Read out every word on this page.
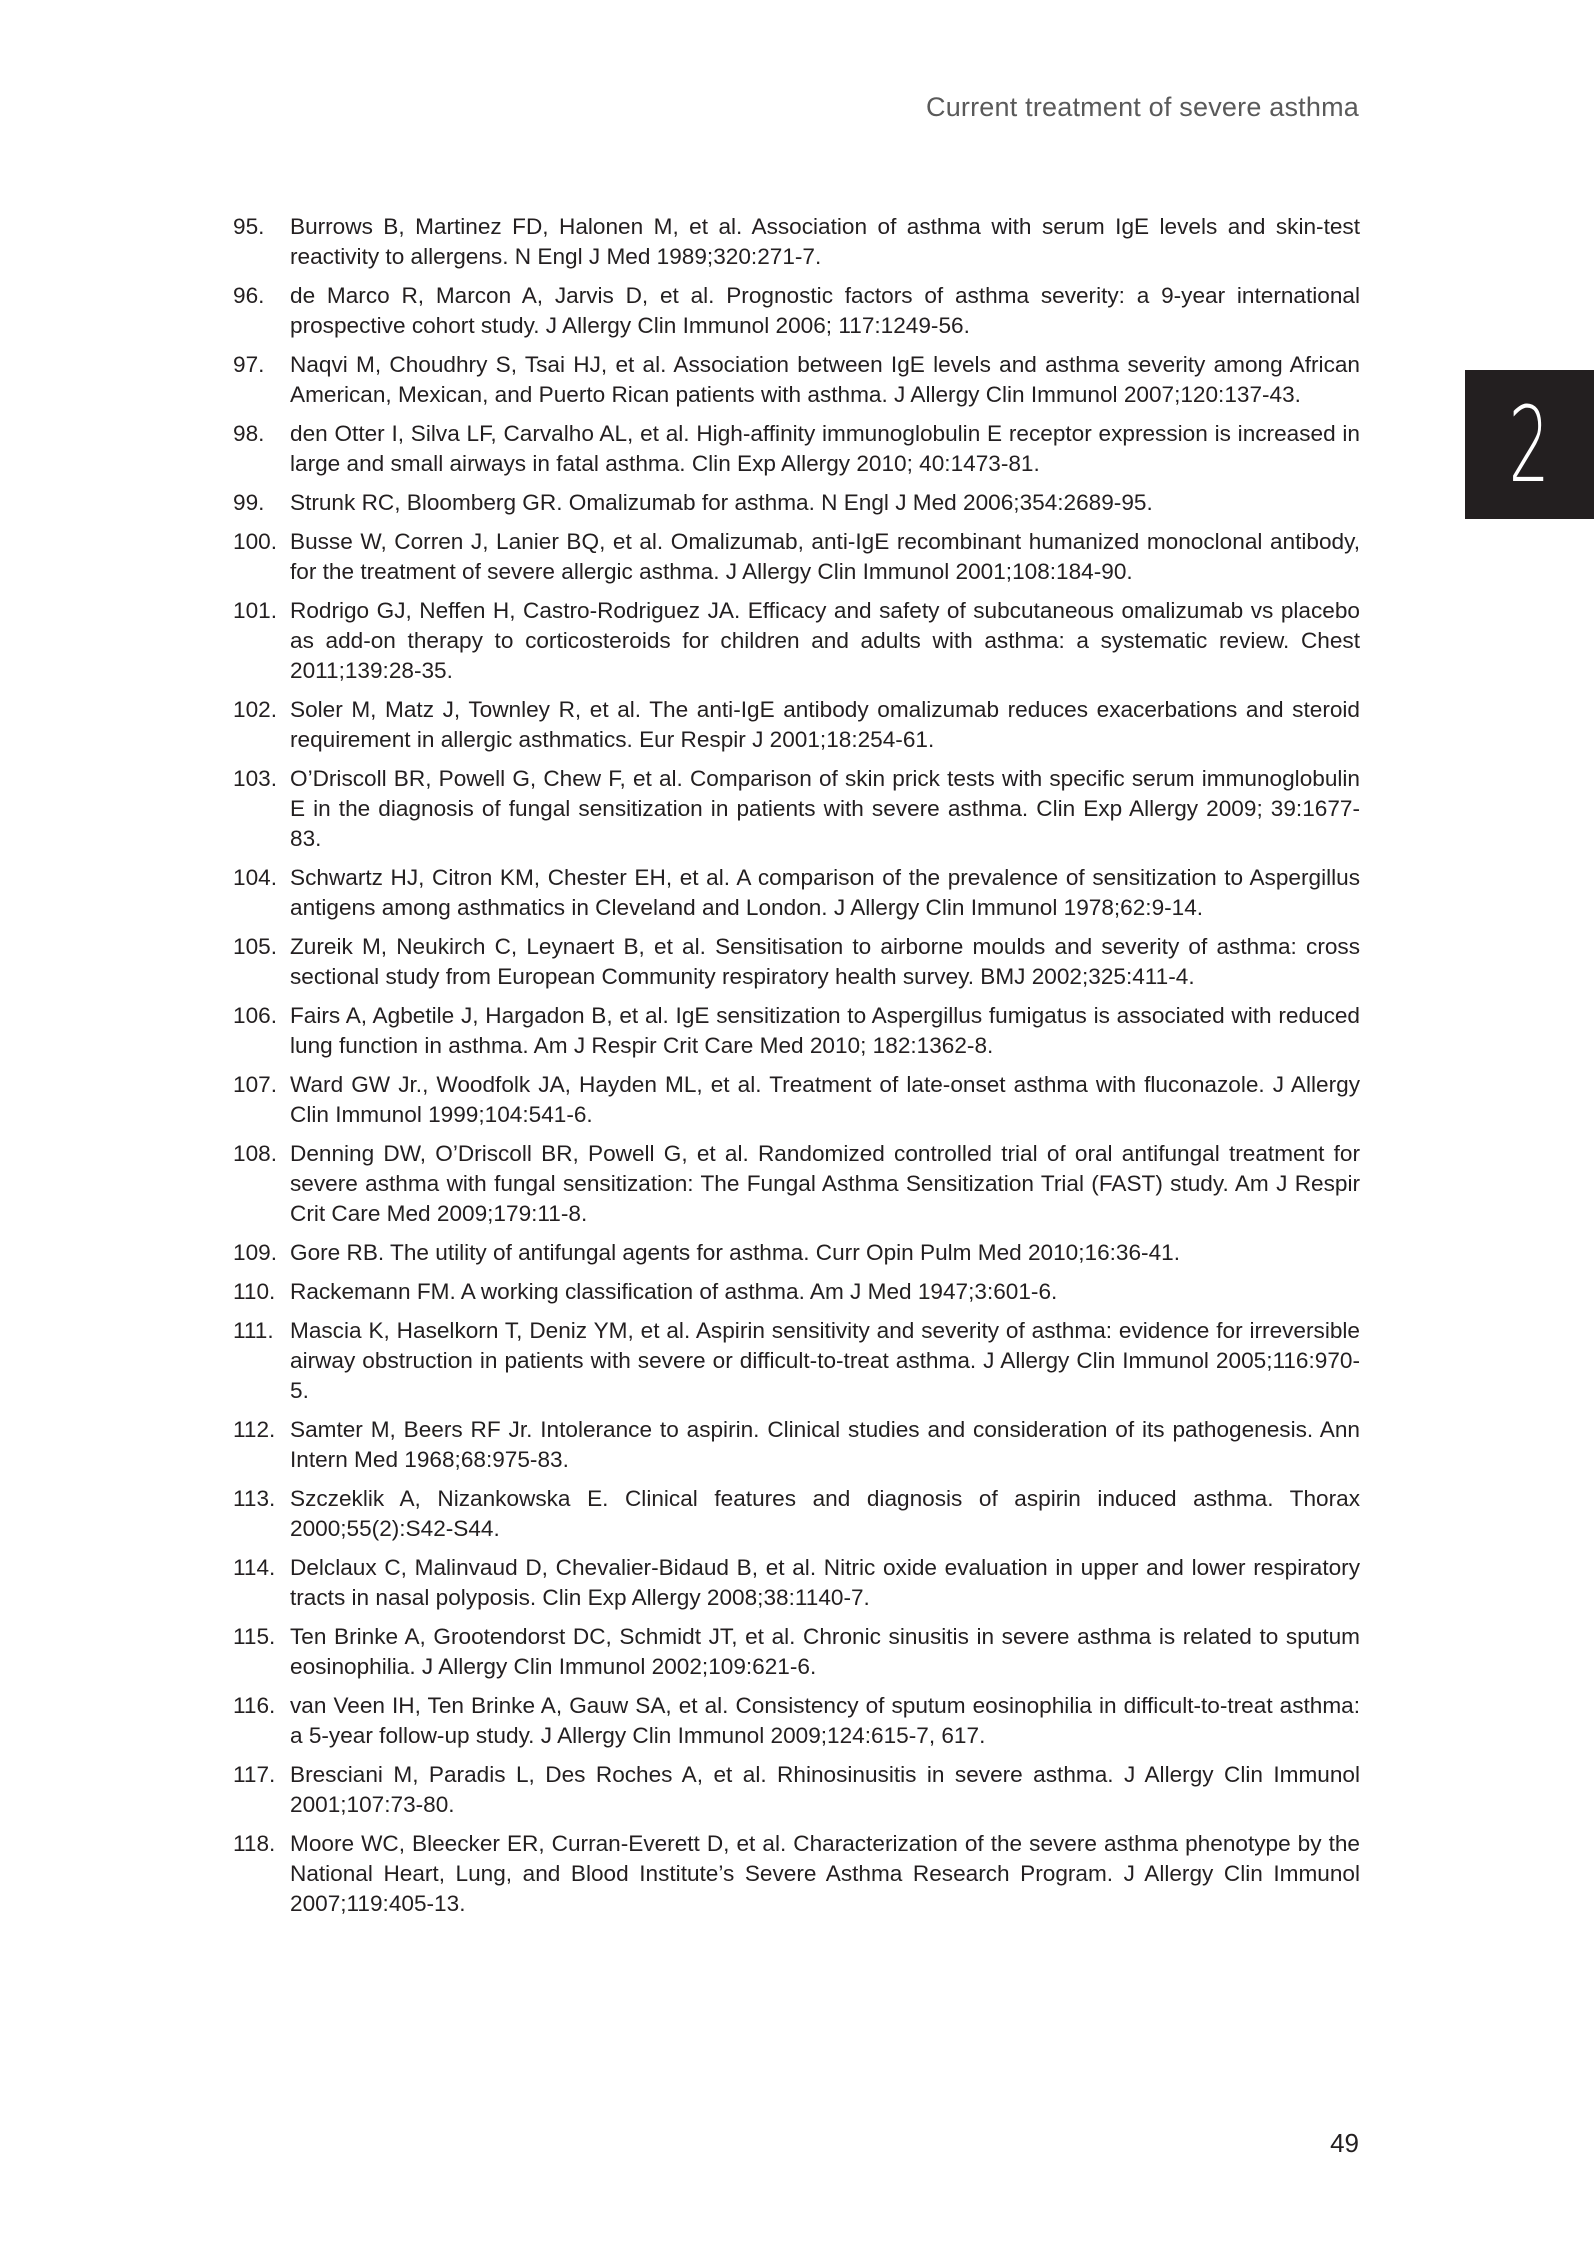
Current treatment of severe asthma
2
95.	Burrows B, Martinez FD, Halonen M, et al. Association of asthma with serum IgE levels and skin-test reactivity to allergens. N Engl J Med 1989;320:271-7.
96.	de Marco R, Marcon A, Jarvis D, et al. Prognostic factors of asthma severity: a 9-year international prospective cohort study. J Allergy Clin Immunol 2006; 117:1249-56.
97.	Naqvi M, Choudhry S, Tsai HJ, et al. Association between IgE levels and asthma severity among African American, Mexican, and Puerto Rican patients with asthma. J Allergy Clin Immunol 2007;120:137-43.
98.	den Otter I, Silva LF, Carvalho AL, et al. High-affinity immunoglobulin E receptor expression is increased in large and small airways in fatal asthma. Clin Exp Allergy 2010; 40:1473-81.
99.	Strunk RC, Bloomberg GR. Omalizumab for asthma. N Engl J Med 2006;354:2689-95.
100. Busse W, Corren J, Lanier BQ, et al. Omalizumab, anti-IgE recombinant humanized monoclonal antibody, for the treatment of severe allergic asthma. J Allergy Clin Immunol 2001;108:184-90.
101. Rodrigo GJ, Neffen H, Castro-Rodriguez JA. Efficacy and safety of subcutaneous omalizumab vs placebo as add-on therapy to corticosteroids for children and adults with asthma: a systematic review. Chest 2011;139:28-35.
102. Soler M, Matz J, Townley R, et al. The anti-IgE antibody omalizumab reduces exacerbations and steroid requirement in allergic asthmatics. Eur Respir J 2001;18:254-61.
103. O’Driscoll BR, Powell G, Chew F, et al. Comparison of skin prick tests with specific serum immunoglobulin E in the diagnosis of fungal sensitization in patients with severe asthma. Clin Exp Allergy 2009; 39:1677-83.
104. Schwartz HJ, Citron KM, Chester EH, et al. A comparison of the prevalence of sensitization to Aspergillus antigens among asthmatics in Cleveland and London. J Allergy Clin Immunol 1978;62:9-14.
105. Zureik M, Neukirch C, Leynaert B, et al. Sensitisation to airborne moulds and severity of asthma: cross sectional study from European Community respiratory health survey. BMJ 2002;325:411-4.
106. Fairs A, Agbetile J, Hargadon B, et al. IgE sensitization to Aspergillus fumigatus is associated with reduced lung function in asthma. Am J Respir Crit Care Med 2010; 182:1362-8.
107. Ward GW Jr., Woodfolk JA, Hayden ML, et al. Treatment of late-onset asthma with fluconazole. J Allergy Clin Immunol 1999;104:541-6.
108. Denning DW, O’Driscoll BR, Powell G, et al. Randomized controlled trial of oral antifungal treatment for severe asthma with fungal sensitization: The Fungal Asthma Sensitization Trial (FAST) study. Am J Respir Crit Care Med 2009;179:11-8.
109. Gore RB. The utility of antifungal agents for asthma. Curr Opin Pulm Med 2010;16:36-41.
110. Rackemann FM. A working classification of asthma. Am J Med 1947;3:601-6.
111. Mascia K, Haselkorn T, Deniz YM, et al. Aspirin sensitivity and severity of asthma: evidence for irreversible airway obstruction in patients with severe or difficult-to-treat asthma. J Allergy Clin Immunol 2005;116:970-5.
112. Samter M, Beers RF Jr. Intolerance to aspirin. Clinical studies and consideration of its pathogenesis. Ann Intern Med 1968;68:975-83.
113. Szczeklik A, Nizankowska E. Clinical features and diagnosis of aspirin induced asthma. Thorax 2000;55(2):S42-S44.
114. Delclaux C, Malinvaud D, Chevalier-Bidaud B, et al. Nitric oxide evaluation in upper and lower respiratory tracts in nasal polyposis. Clin Exp Allergy 2008;38:1140-7.
115. Ten Brinke A, Grootendorst DC, Schmidt JT, et al. Chronic sinusitis in severe asthma is related to sputum eosinophilia. J Allergy Clin Immunol 2002;109:621-6.
116. van Veen IH, Ten Brinke A, Gauw SA, et al. Consistency of sputum eosinophilia in difficult-to-treat asthma: a 5-year follow-up study. J Allergy Clin Immunol 2009;124:615-7, 617.
117. Bresciani M, Paradis L, Des Roches A, et al. Rhinosinusitis in severe asthma. J Allergy Clin Immunol 2001;107:73-80.
118. Moore WC, Bleecker ER, Curran-Everett D, et al. Characterization of the severe asthma phenotype by the National Heart, Lung, and Blood Institute’s Severe Asthma Research Program. J Allergy Clin Immunol 2007;119:405-13.
49
